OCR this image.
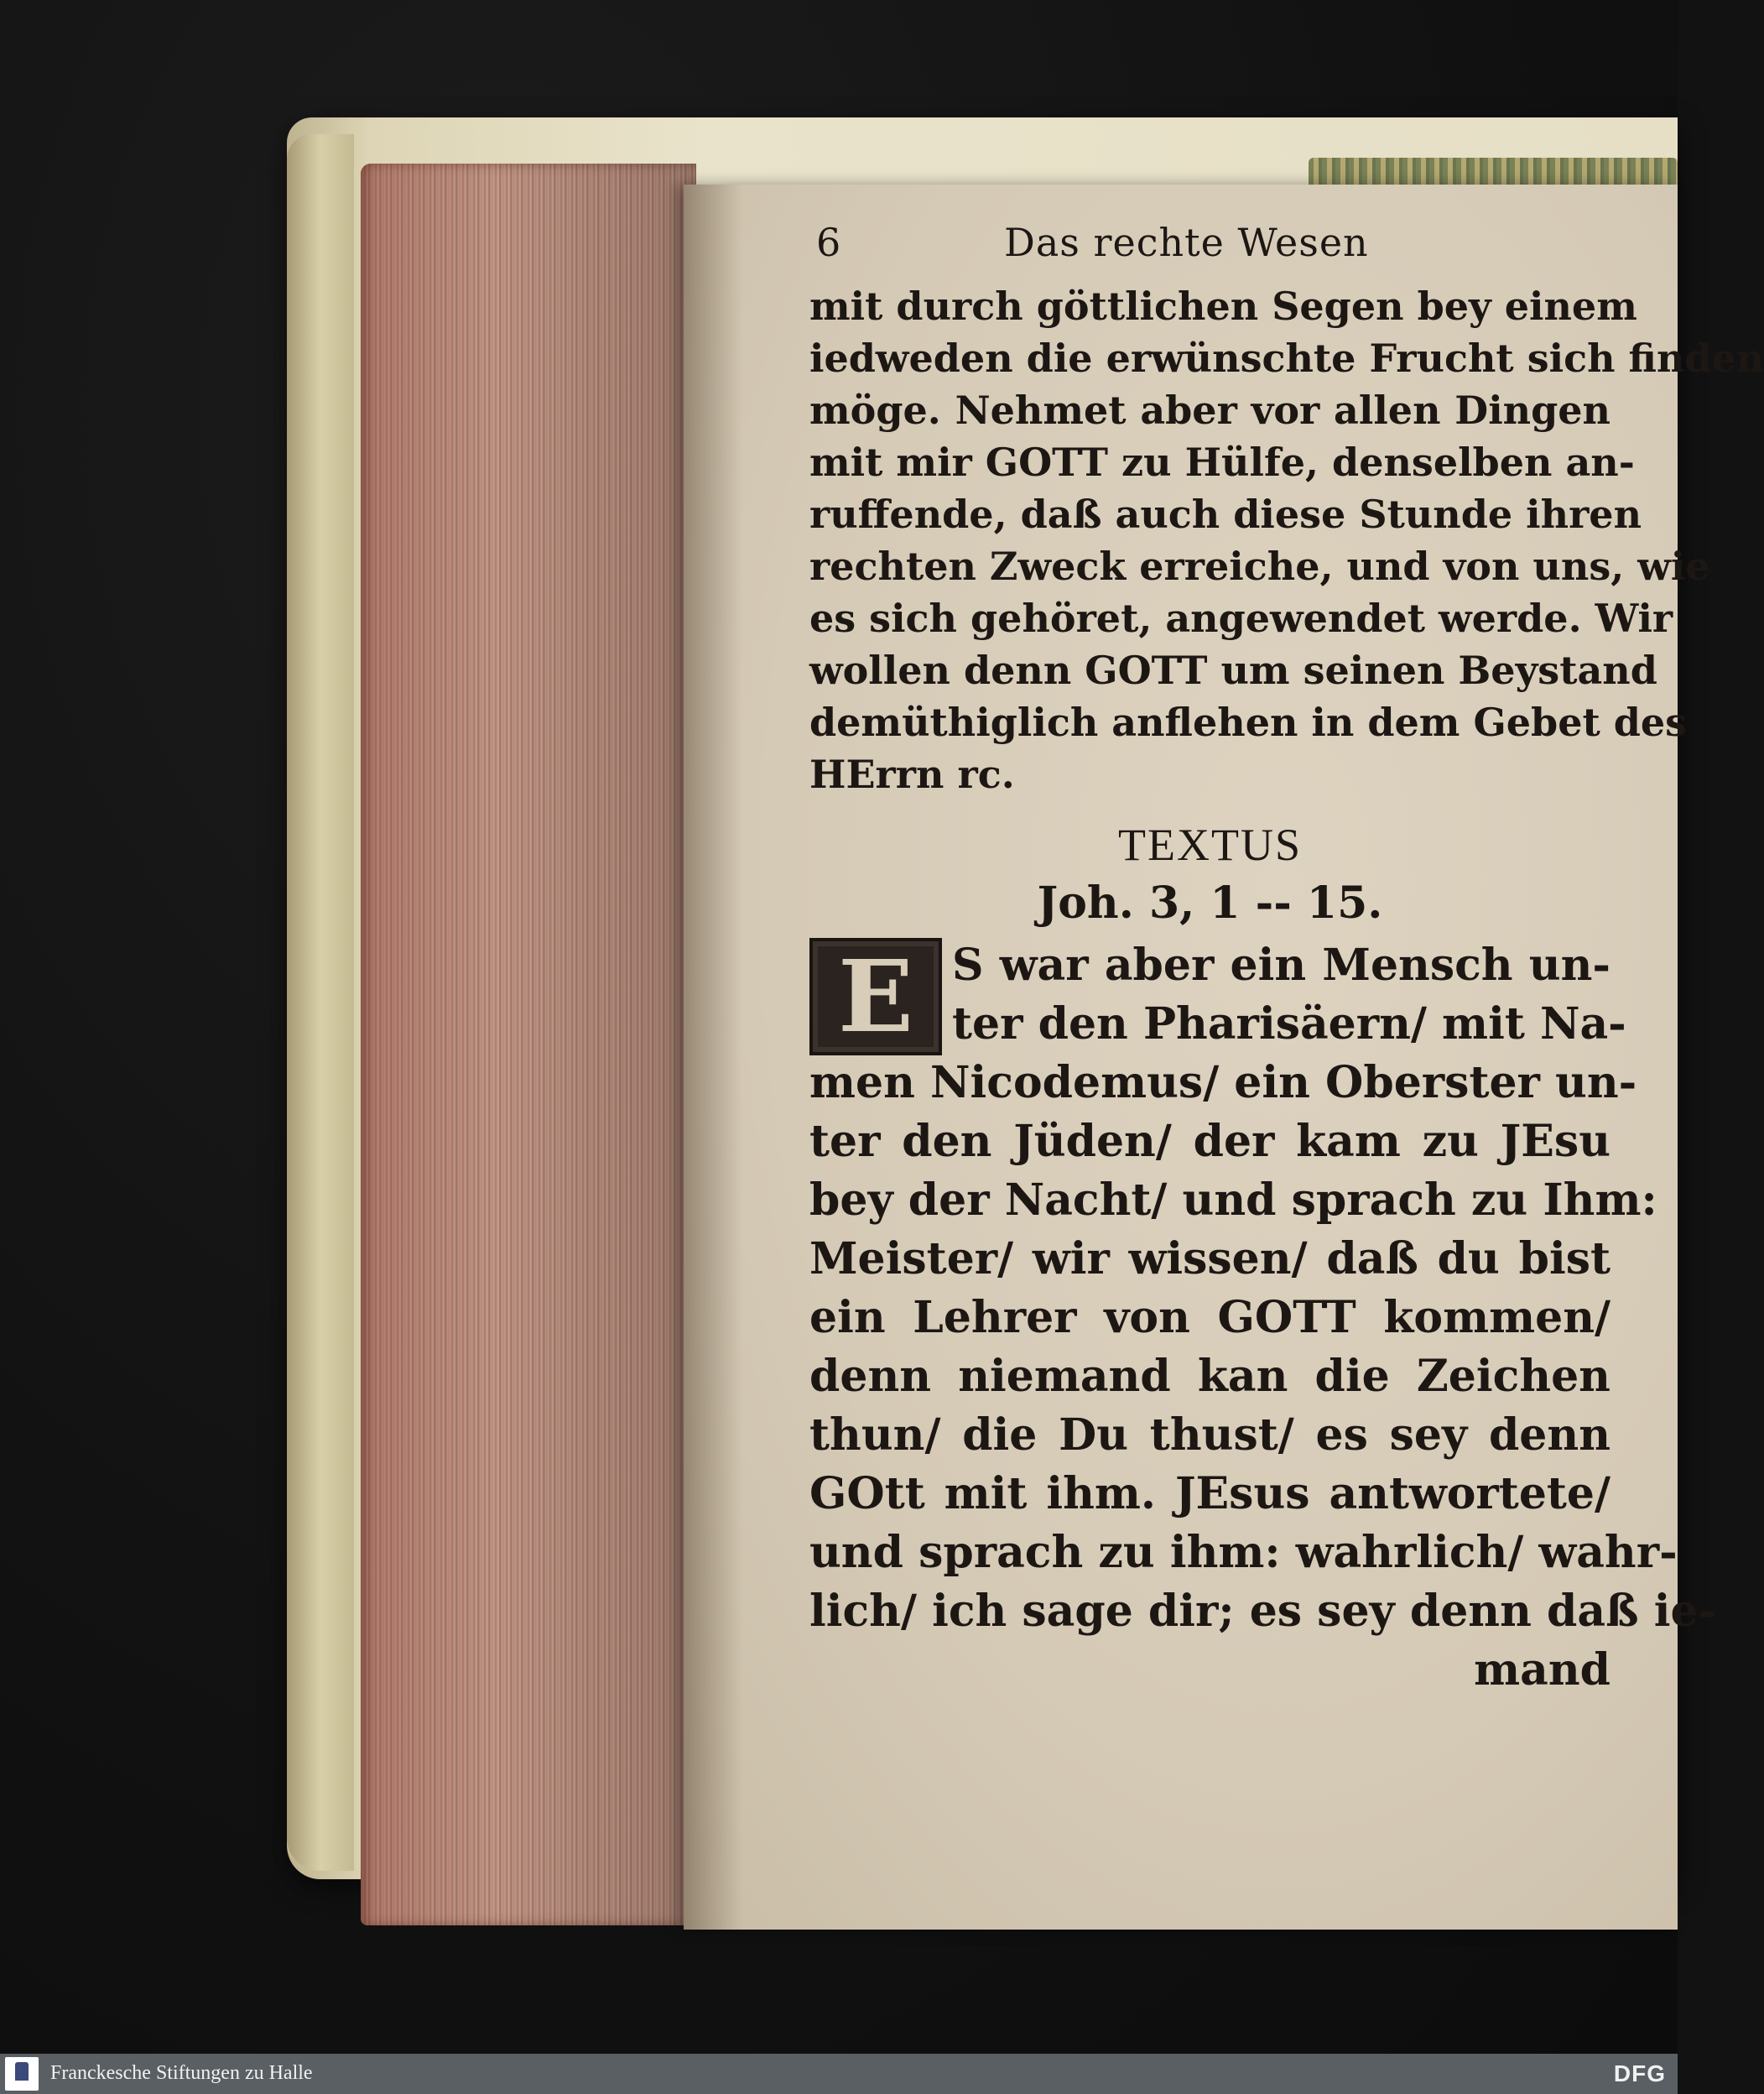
6	Das rechte Wesen
mit durch göttlichen Segen bey einem
iedweden die erwünschte Frucht sich finden
möge. Nehmet aber vor allen Dingen
mit mir GOTT zu Hülfe, denselben an-
ruffende, daß auch diese Stunde ihren
rechten Zweck erreiche, und von uns, wie
es sich gehöret, angewendet werde. Wir
wollen denn GOTT um seinen Beystand
demüthiglich anflehen in dem Gebet des
HErrn rc.
TEXTUS
Joh. 3, 1 -- 15.
E S war aber ein Mensch un-
ter den Pharisäern/ mit Na-
men Nicodemus/ ein Oberster un-
ter den Jüden/ der kam zu JEsu
bey der Nacht/ und sprach zu Ihm:
Meister/ wir wissen/ daß du bist
ein Lehrer von GOTT kommen/
denn niemand kan die Zeichen
thun/ die Du thust/ es sey denn
GOtt mit ihm. JEsus antwortete/
und sprach zu ihm: wahrlich/ wahr-
lich/ ich sage dir; es sey denn daß ie-
mand
Franckesche Stiftungen zu Halle	DFG
